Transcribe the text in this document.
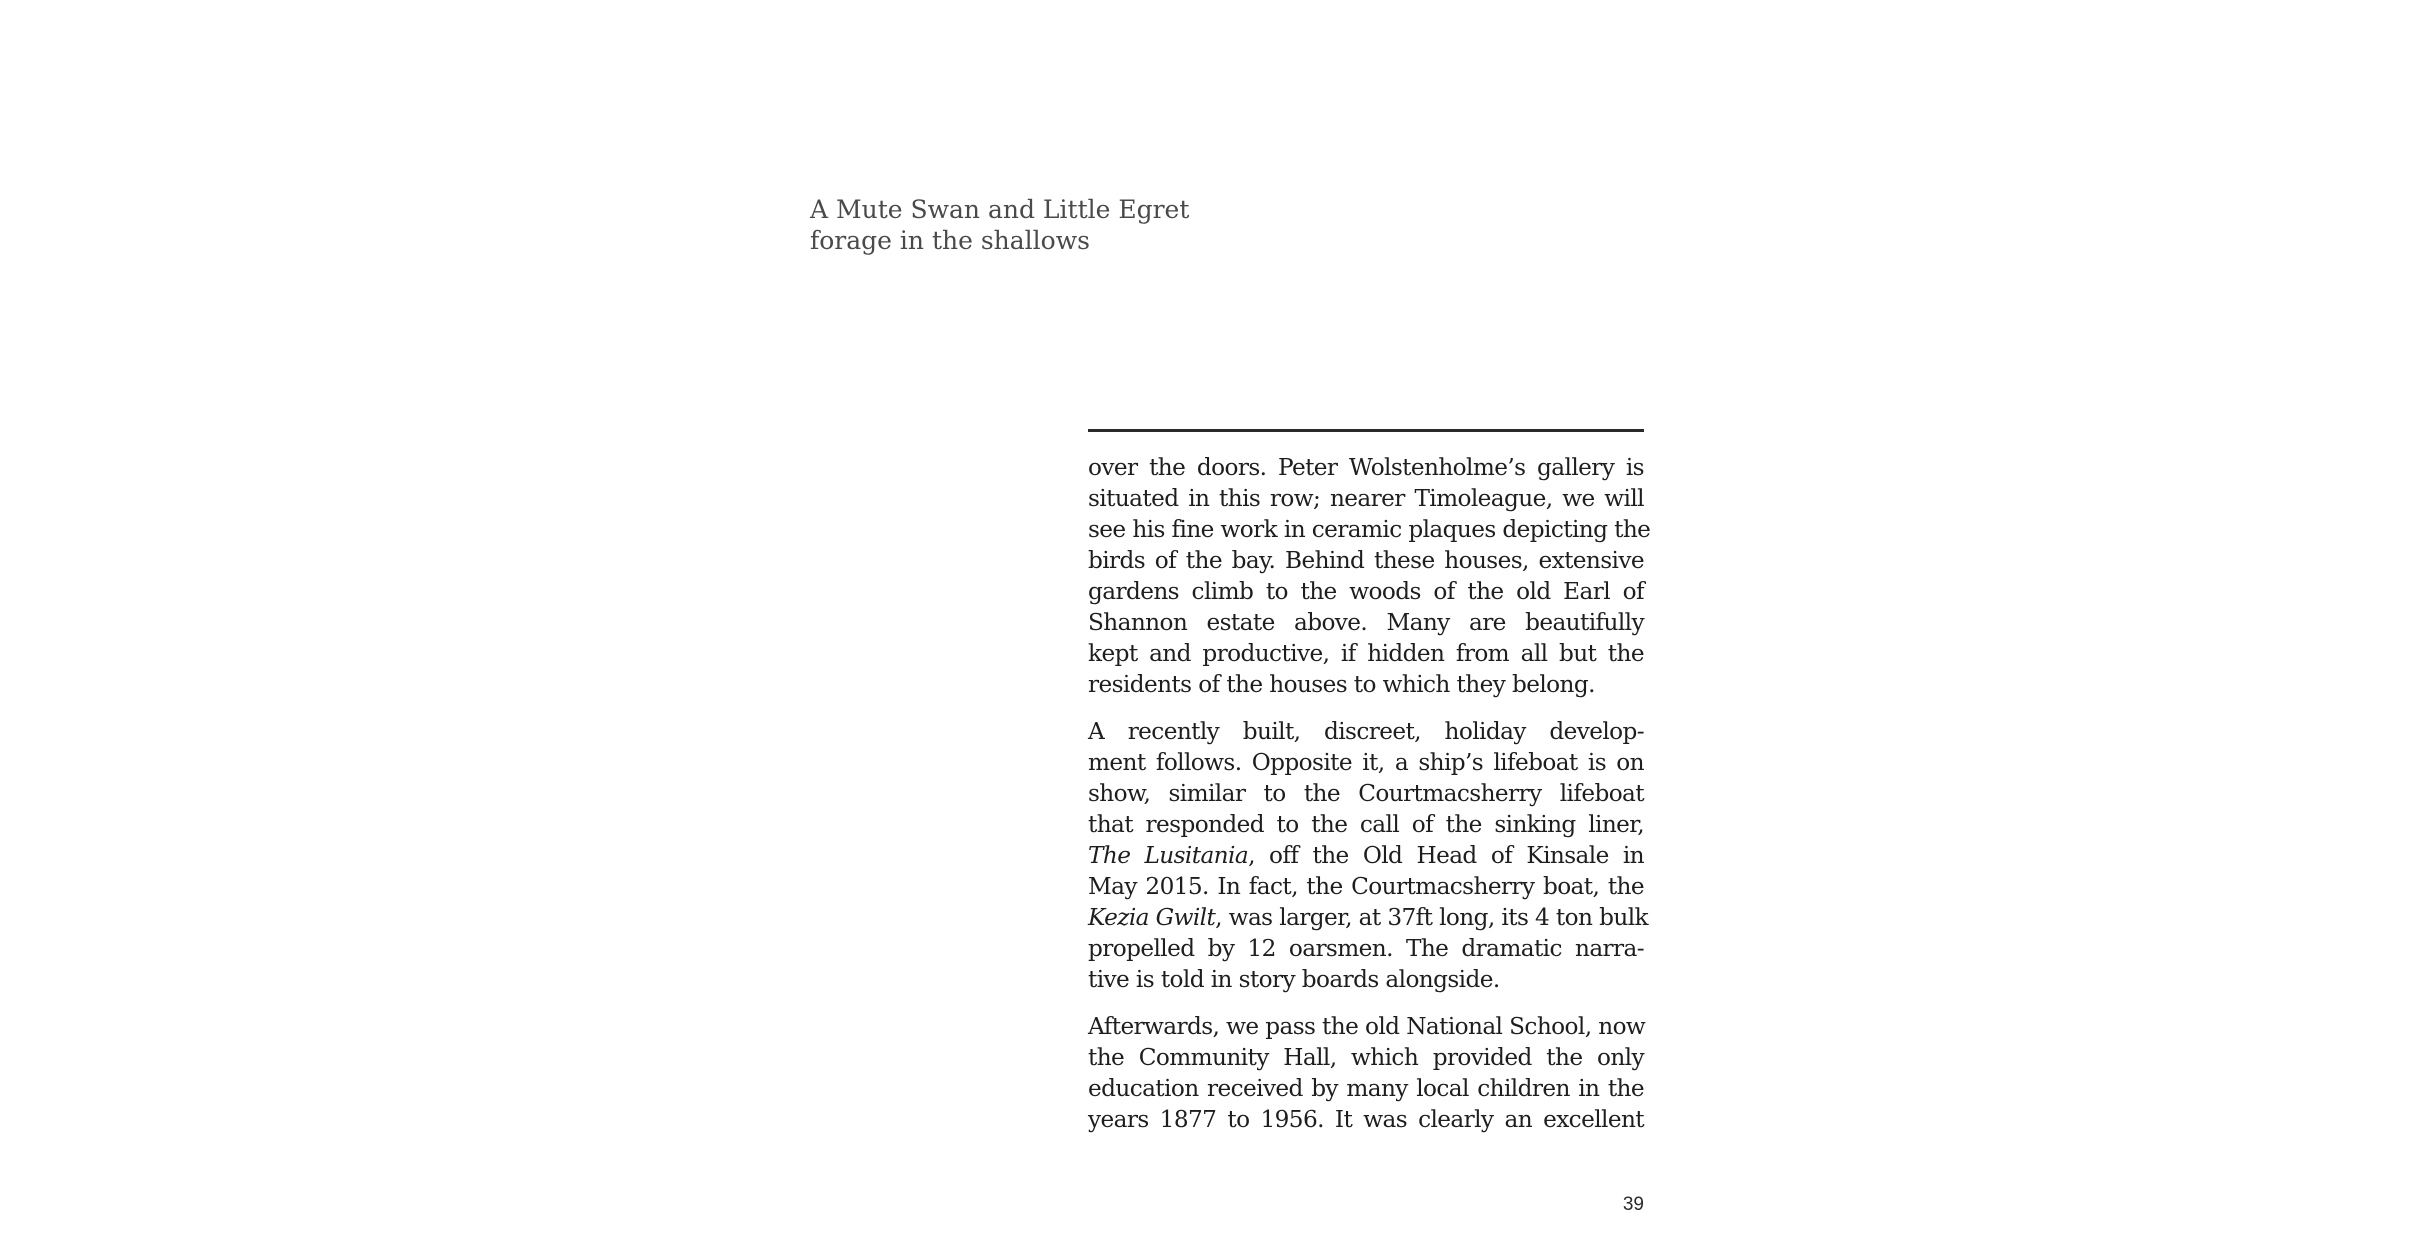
A Mute Swan and Little Egret
forage in the shallows

over the doors. Peter Wolstenholme’s gallery is
situated in this row; nearer Timoleague, we will
see his fine work in ceramic plaques depicting the
birds of the bay. Behind these houses, extensive
gardens climb to the woods of the old Earl of
Shannon estate above. Many are beautifully
kept and productive, if hidden from all but the
residents of the houses to which they belong.

A recently built, discreet, holiday develop-
ment follows. Opposite it, a ship’s lifeboat is on
show, similar to the Courtmacsherry lifeboat
that responded to the call of the sinking liner,
The Lusitania, off the Old Head of Kinsale in
May 2015. In fact, the Courtmacsherry boat, the
Kezia Gwilt, was larger, at 37ft long, its 4 ton bulk
propelled by 12 oarsmen. The dramatic narra-
tive is told in story boards alongside.

Afterwards, we pass the old National School, now
the Community Hall, which provided the only
education received by many local children in the
years 1877 to 1956. It was clearly an excellent

39
